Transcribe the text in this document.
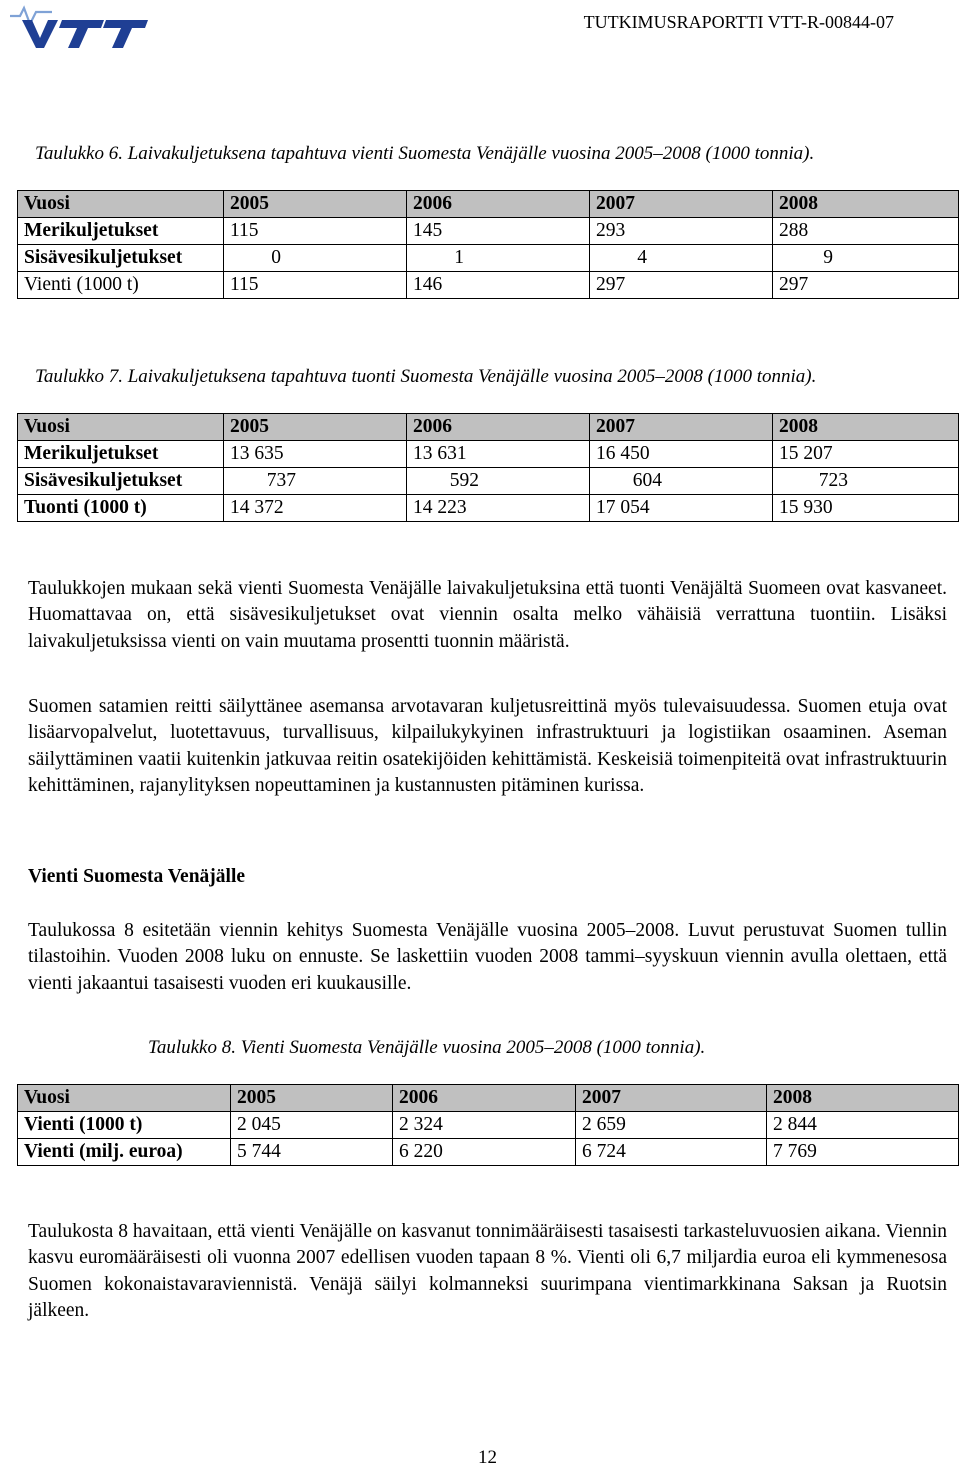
TUTKIMUSRAPORTTI VTT-R-00844-07
Taulukko 6. Laivakuljetuksena tapahtuva vienti Suomesta Venäjälle vuosina 2005–2008 (1000 tonnia).
Vuosi	2005	2006	2007	2008
Merikuljetukset	115	145	293	288
Sisävesikuljetukset	0	1	4	9
Vienti (1000 t)	115	146	297	297
Taulukko 7. Laivakuljetuksena tapahtuva tuonti Suomesta Venäjälle vuosina 2005–2008 (1000 tonnia).
Vuosi	2005	2006	2007	2008
Merikuljetukset	13 635	13 631	16 450	15 207
Sisävesikuljetukset	737	592	604	723
Tuonti (1000 t)	14 372	14 223	17 054	15 930

Taulukkojen mukaan sekä vienti Suomesta Venäjälle laivakuljetuksina että tuonti Venäjältä Suomeen ovat kasvaneet. Huomattavaa on, että sisävesikuljetukset ovat viennin osalta melko vähäisiä verrattuna tuontiin. Lisäksi laivakuljetuksissa vienti on vain muutama prosentti tuonnin määristä.

Suomen satamien reitti säilyttänee asemansa arvotavaran kuljetusreittinä myös tulevaisuudessa. Suomen etuja ovat lisäarvopalvelut, luotettavuus, turvallisuus, kilpailukykyinen infrastruktuuri ja logistiikan osaaminen. Aseman säilyttäminen vaatii kuitenkin jatkuvaa reitin osatekijöiden kehittämistä. Keskeisiä toimenpiteitä ovat infrastruktuurin kehittäminen, rajanylityksen nopeuttaminen ja kustannusten pitäminen kurissa.

Vienti Suomesta Venäjälle

Taulukossa 8 esitetään viennin kehitys Suomesta Venäjälle vuosina 2005–2008. Luvut perustuvat Suomen tullin tilastoihin. Vuoden 2008 luku on ennuste. Se laskettiin vuoden 2008 tammi–syyskuun viennin avulla olettaen, että vienti jakaantui tasaisesti vuoden eri kuukausille.

Taulukko 8. Vienti Suomesta Venäjälle vuosina 2005–2008 (1000 tonnia).
Vuosi	2005	2006	2007	2008
Vienti (1000 t)	2 045	2 324	2 659	2 844
Vienti (milj. euroa)	5 744	6 220	6 724	7 769

Taulukosta 8 havaitaan, että vienti Venäjälle on kasvanut tonnimääräisesti tasaisesti tarkasteluvuosien aikana. Viennin kasvu euromääräisesti oli vuonna 2007 edellisen vuoden tapaan 8 %. Vienti oli 6,7 miljardia euroa eli kymmenesosa Suomen kokonaistavaraviennistä. Venäjä säilyi kolmanneksi suurimpana vientimarkkinana Saksan ja Ruotsin jälkeen.

12
